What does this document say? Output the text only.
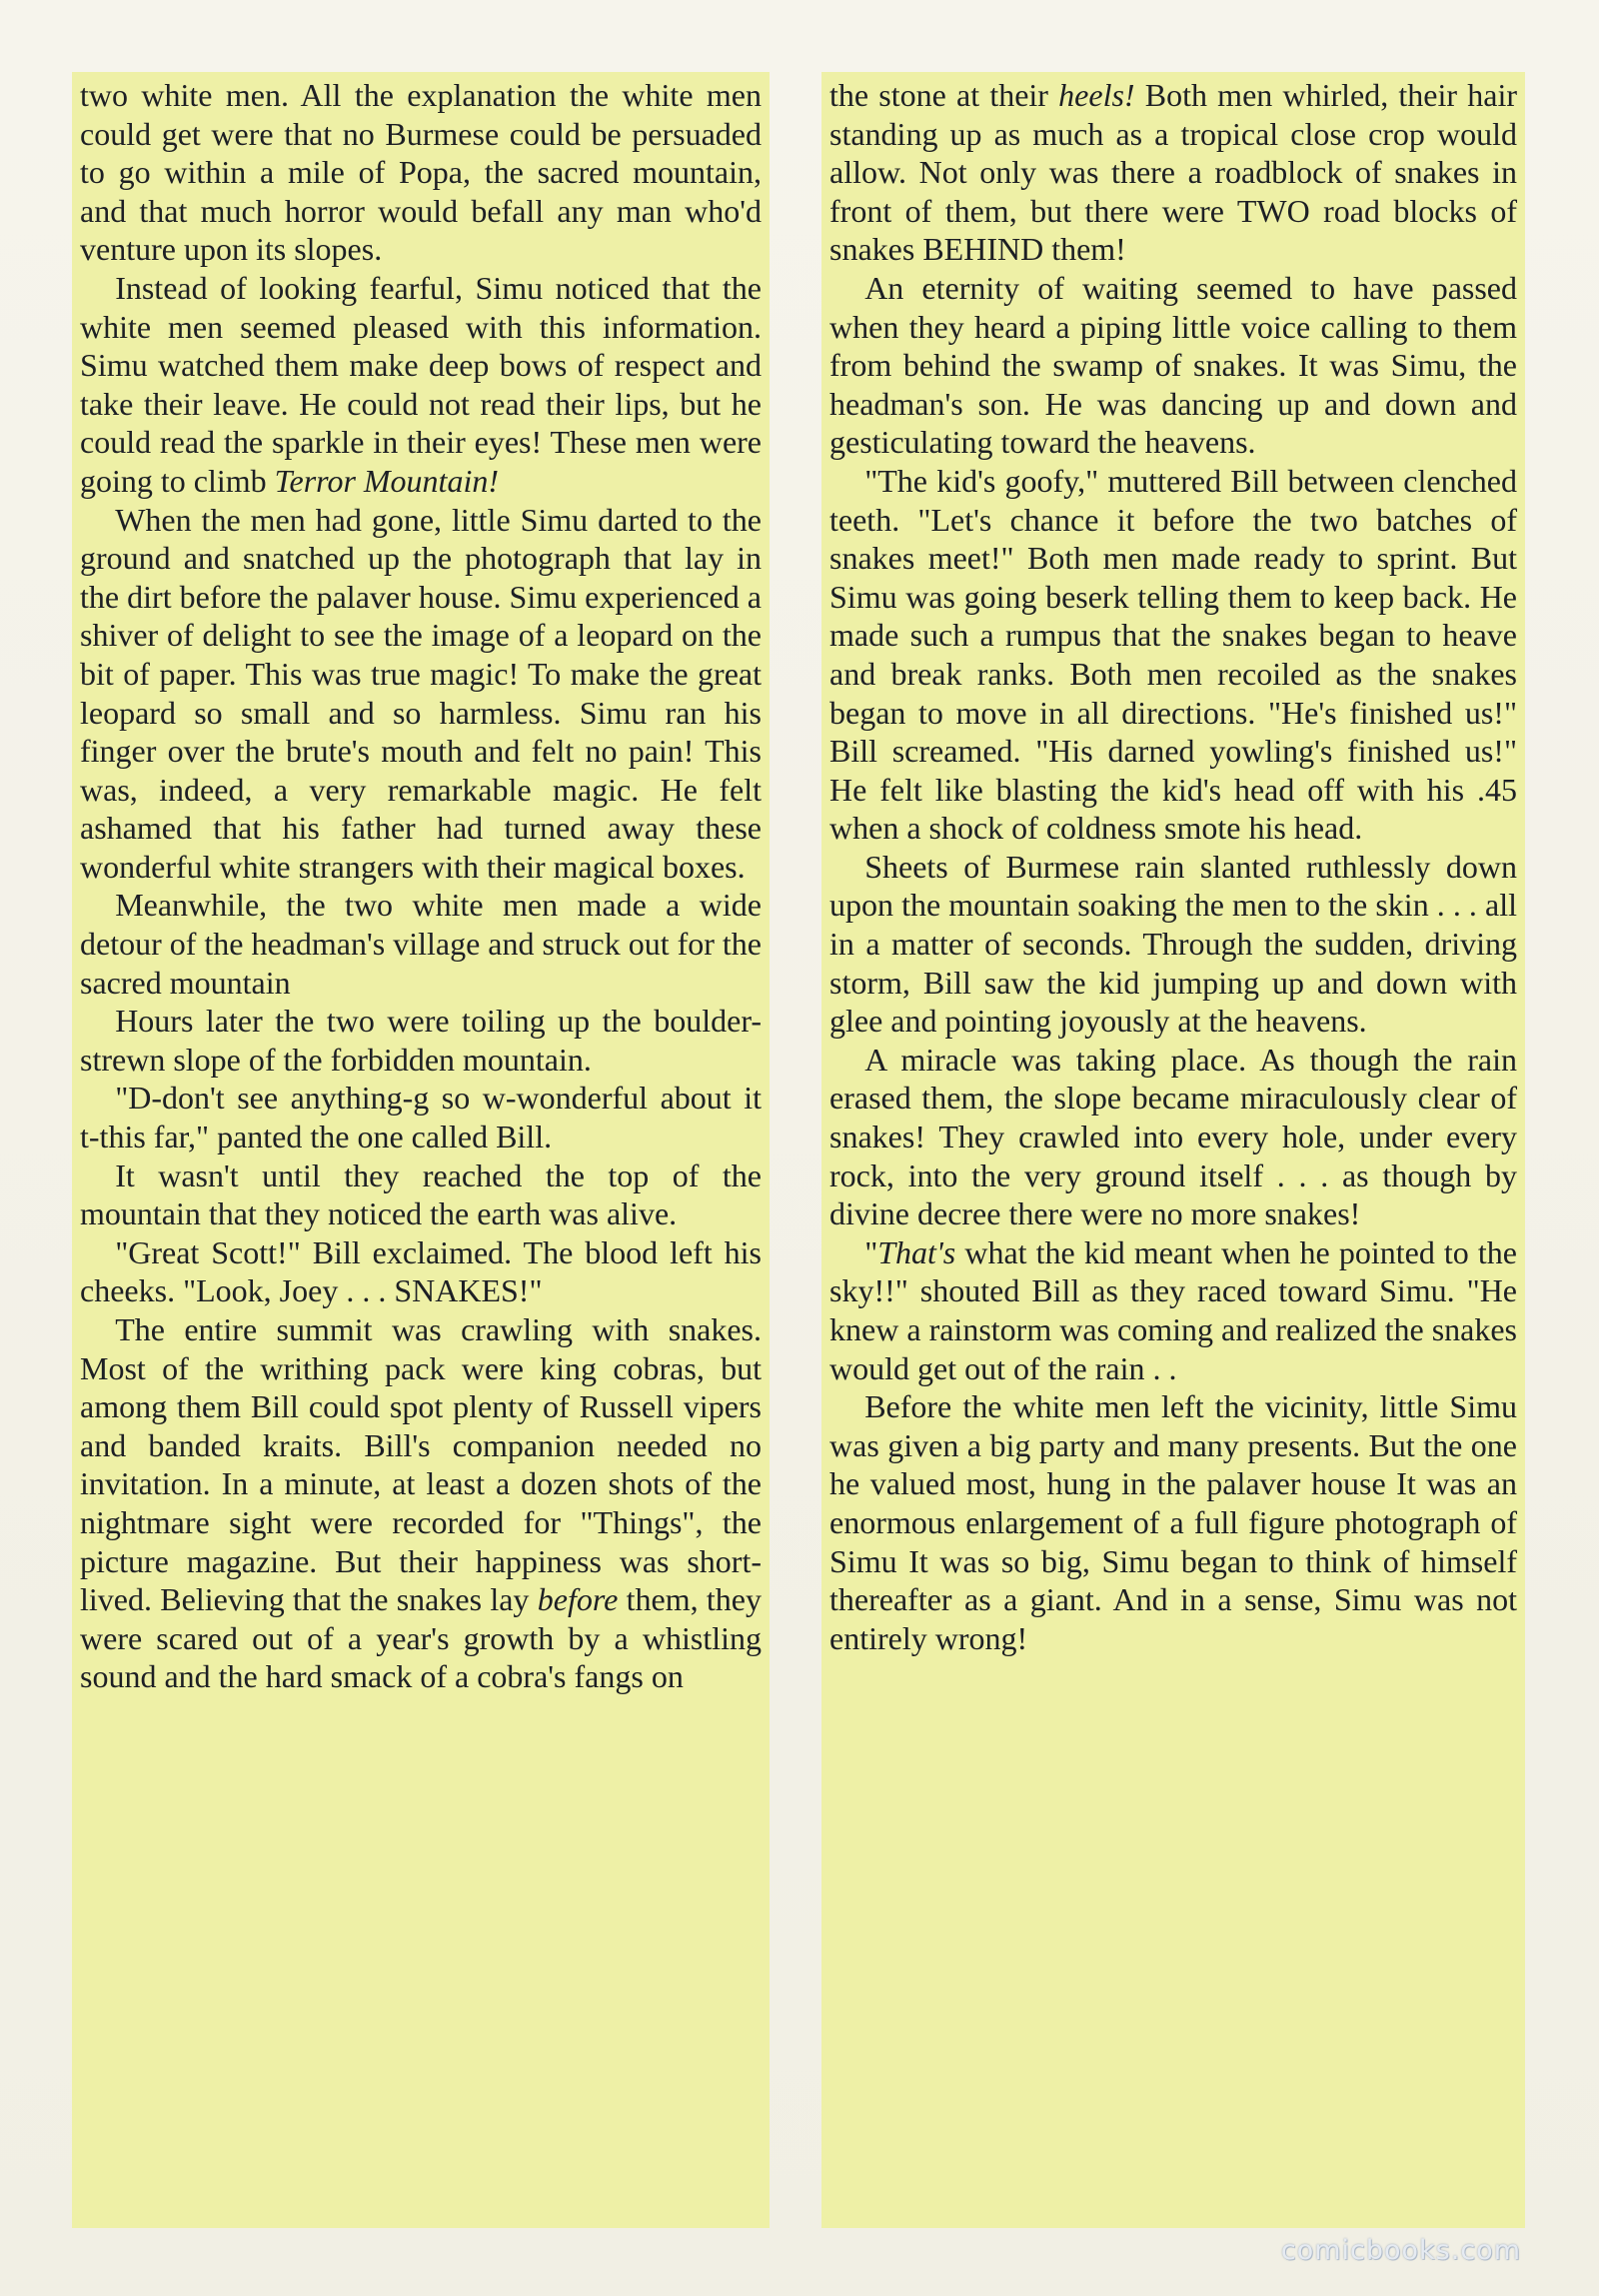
two white men. All the explanation the white men could get were that no Burmese could be persuaded to go within a mile of Popa, the sacred mountain, and that much horror would befall any man who'd venture upon its slopes.

Instead of looking fearful, Simu noticed that the white men seemed pleased with this information. Simu watched them make deep bows of respect and take their leave. He could not read their lips, but he could read the sparkle in their eyes! These men were going to climb Terror Mountain!

When the men had gone, little Simu darted to the ground and snatched up the photograph that lay in the dirt before the palaver house. Simu experienced a shiver of delight to see the image of a leopard on the bit of paper. This was true magic! To make the great leopard so small and so harmless. Simu ran his finger over the brute's mouth and felt no pain! This was, indeed, a very remarkable magic. He felt ashamed that his father had turned away these wonderful white strangers with their magical boxes.

Meanwhile, the two white men made a wide detour of the headman's village and struck out for the sacred mountain

Hours later the two were toiling up the boulder-strewn slope of the forbidden mountain.

"D-don't see anything-g so w-wonderful about it t-this far," panted the one called Bill.

It wasn't until they reached the top of the mountain that they noticed the earth was alive.

"Great Scott!" Bill exclaimed. The blood left his cheeks. "Look, Joey . . . SNAKES!"

The entire summit was crawling with snakes. Most of the writhing pack were king cobras, but among them Bill could spot plenty of Russell vipers and banded kraits. Bill's companion needed no invitation. In a minute, at least a dozen shots of the nightmare sight were recorded for "Things", the picture magazine. But their happiness was short-lived. Believing that the snakes lay before them, they were scared out of a year's growth by a whistling sound and the hard smack of a cobra's fangs on

the stone at their heels! Both men whirled, their hair standing up as much as a tropical close crop would allow. Not only was there a roadblock of snakes in front of them, but there were TWO road blocks of snakes BEHIND them!

An eternity of waiting seemed to have passed when they heard a piping little voice calling to them from behind the swamp of snakes. It was Simu, the headman's son. He was dancing up and down and gesticulating toward the heavens.

"The kid's goofy," muttered Bill between clenched teeth. "Let's chance it before the two batches of snakes meet!" Both men made ready to sprint. But Simu was going beserk telling them to keep back. He made such a rumpus that the snakes began to heave and break ranks. Both men recoiled as the snakes began to move in all directions. "He's finished us!" Bill screamed. "His darned yowling's finished us!" He felt like blasting the kid's head off with his .45 when a shock of coldness smote his head.

Sheets of Burmese rain slanted ruthlessly down upon the mountain soaking the men to the skin . . . all in a matter of seconds. Through the sudden, driving storm, Bill saw the kid jumping up and down with glee and pointing joyously at the heavens.

A miracle was taking place. As though the rain erased them, the slope became miraculously clear of snakes! They crawled into every hole, under every rock, into the very ground itself . . . as though by divine decree there were no more snakes!

"That's what the kid meant when he pointed to the sky!!" shouted Bill as they raced toward Simu. "He knew a rainstorm was coming and realized the snakes would get out of the rain . .

Before the white men left the vicinity, little Simu was given a big party and many presents. But the one he valued most, hung in the palaver house It was an enormous enlargement of a full figure photograph of Simu It was so big, Simu began to think of himself thereafter as a giant. And in a sense, Simu was not entirely wrong!

comicbooks.com
